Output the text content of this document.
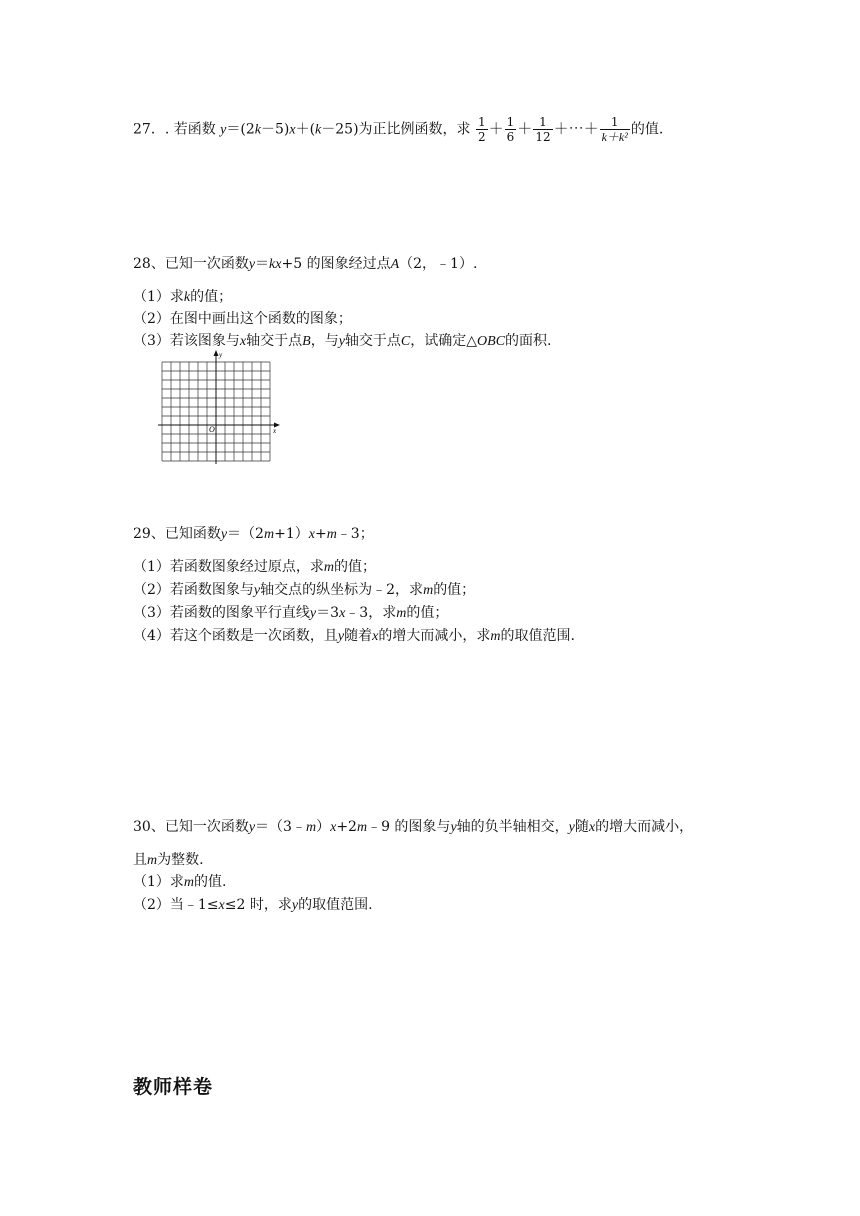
27．. 若函数 y＝(2k－5)x＋(k－25)为正比例函数，求 $\frac{1}{2} + \frac{1}{6} + \frac{1}{12}$ ＋⋯＋ $\frac{1}{\text{k＋k²}}$ 的值.
28、已知一次函数y＝kx+5 的图象经过点A（2，﹣1）.
（1）求k的值；
（2）在图中画出这个函数的图象；
（3）若该图象与x轴交于点B，与y轴交于点C，试确定△OBC的面积.
y
x
O
29、已知函数y＝（2m+1）x+m﹣3；
（1）若函数图象经过原点，求m的值；
（2）若函数图象与y轴交点的纵坐标为﹣2，求m的值；
（3）若函数的图象平行直线y＝3x﹣3，求m的值；
（4）若这个函数是一次函数，且y随着x的增大而减小，求m的取值范围.
30、已知一次函数y＝（3﹣m）x+2m﹣9 的图象与y轴的负半轴相交，y随x的增大而减小，
且m为整数.
（1）求m的值.
（2）当﹣1≤x≤2 时，求y的取值范围.
教师样卷
